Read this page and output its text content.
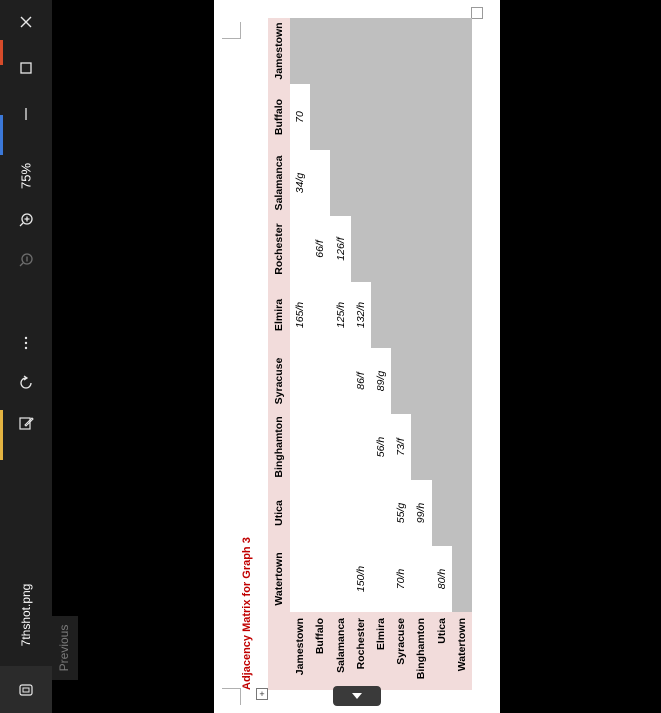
75%
7thshot.png
Previous	Adjacency Matrix for Graph 3
		Watertown	Utica	Binghamton	Syracuse	Elmira	Rochester	Salamanca	Buffalo	Jamestown
Jamestown					165/h		34/g	70	
Buffalo						66/f			
Salamanca					125/h	126/f			
Rochester	150/h			86/f	132/h				
Elmira			56/h	89/g					
Syracuse	70/h	55/g	73/f						
Binghamton		99/h							
Utica	80/h								
Watertown									
+
